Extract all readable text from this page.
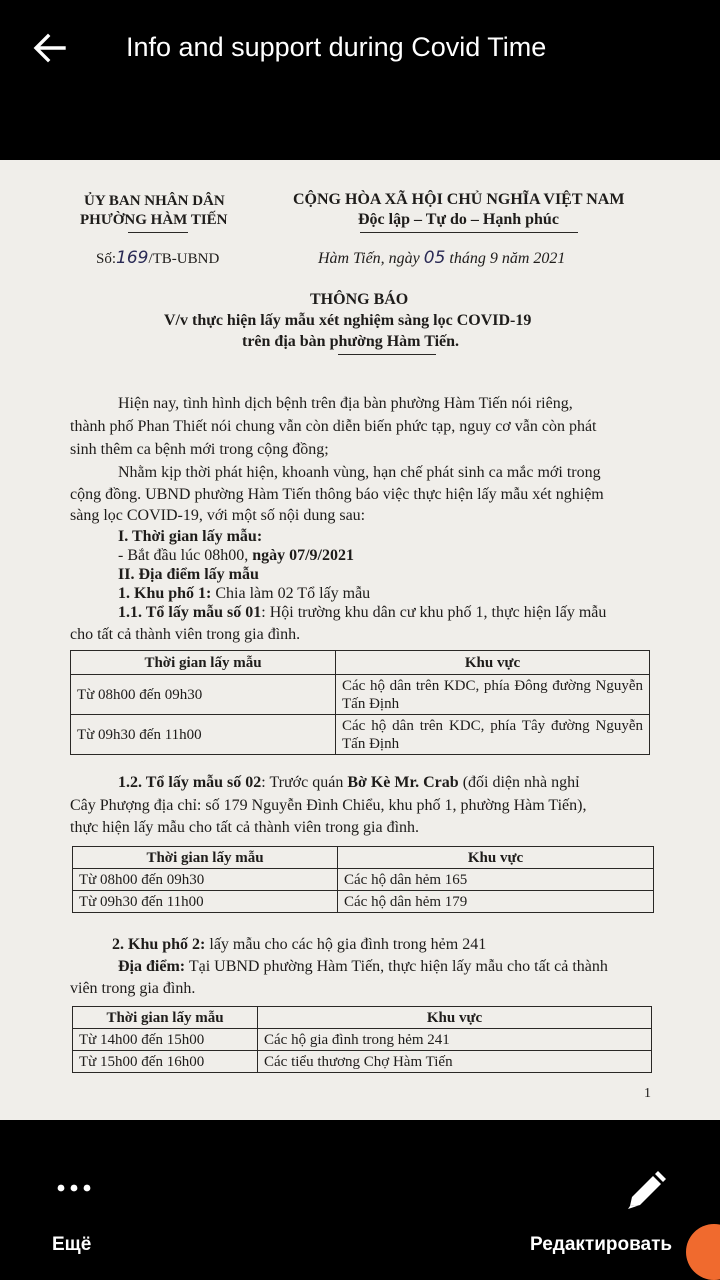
Info and support during Covid Time
ỦY BAN NHÂN DÂN
PHƯỜNG HÀM TIẾN
CỘNG HÒA XÃ HỘI CHỦ NGHĨA VIỆT NAM
Độc lập – Tự do – Hạnh phúc
Số:169/TB-UBND	Hàm Tiến, ngày 05 tháng 9 năm 2021
THÔNG BÁO
V/v thực hiện lấy mẫu xét nghiệm sàng lọc COVID-19
trên địa bàn phường Hàm Tiến.
Hiện nay, tình hình dịch bệnh trên địa bàn phường Hàm Tiến nói riêng,
thành phố Phan Thiết nói chung vẫn còn diễn biến phức tạp, nguy cơ vẫn còn phát
sinh thêm ca bệnh mới trong cộng đồng;
Nhằm kịp thời phát hiện, khoanh vùng, hạn chế phát sinh ca mắc mới trong
cộng đồng. UBND phường Hàm Tiến thông báo việc thực hiện lấy mẫu xét nghiệm
sàng lọc COVID-19, với một số nội dung sau:
I. Thời gian lấy mẫu:
- Bắt đầu lúc 08h00, ngày 07/9/2021
II. Địa điểm lấy mẫu
1. Khu phố 1: Chia làm 02 Tổ lấy mẫu
1.1. Tổ lấy mẫu số 01: Hội trường khu dân cư khu phố 1, thực hiện lấy mẫu
cho tất cả thành viên trong gia đình.
Thời gian lấy mẫu	Khu vực
Từ 08h00 đến 09h30	Các hộ dân trên KDC, phía Đông đường Nguyễn Tấn Định
Từ 09h30 đến 11h00	Các hộ dân trên KDC, phía Tây đường Nguyễn Tấn Định
1.2. Tổ lấy mẫu số 02: Trước quán Bờ Kè Mr. Crab (đối diện nhà nghỉ
Cây Phượng địa chỉ: số 179 Nguyễn Đình Chiểu, khu phố 1, phường Hàm Tiến),
thực hiện lấy mẫu cho tất cả thành viên trong gia đình.
Thời gian lấy mẫu	Khu vực
Từ 08h00 đến 09h30	Các hộ dân hẻm 165
Từ 09h30 đến 11h00	Các hộ dân hẻm 179
2. Khu phố 2: lấy mẫu cho các hộ gia đình trong hẻm 241
Địa điểm: Tại UBND phường Hàm Tiến, thực hiện lấy mẫu cho tất cả thành
viên trong gia đình.
Thời gian lấy mẫu	Khu vực
Từ 14h00 đến 15h00	Các hộ gia đình trong hẻm 241
Từ 15h00 đến 16h00	Các tiểu thương Chợ Hàm Tiến
1
Ещё	Редактировать
